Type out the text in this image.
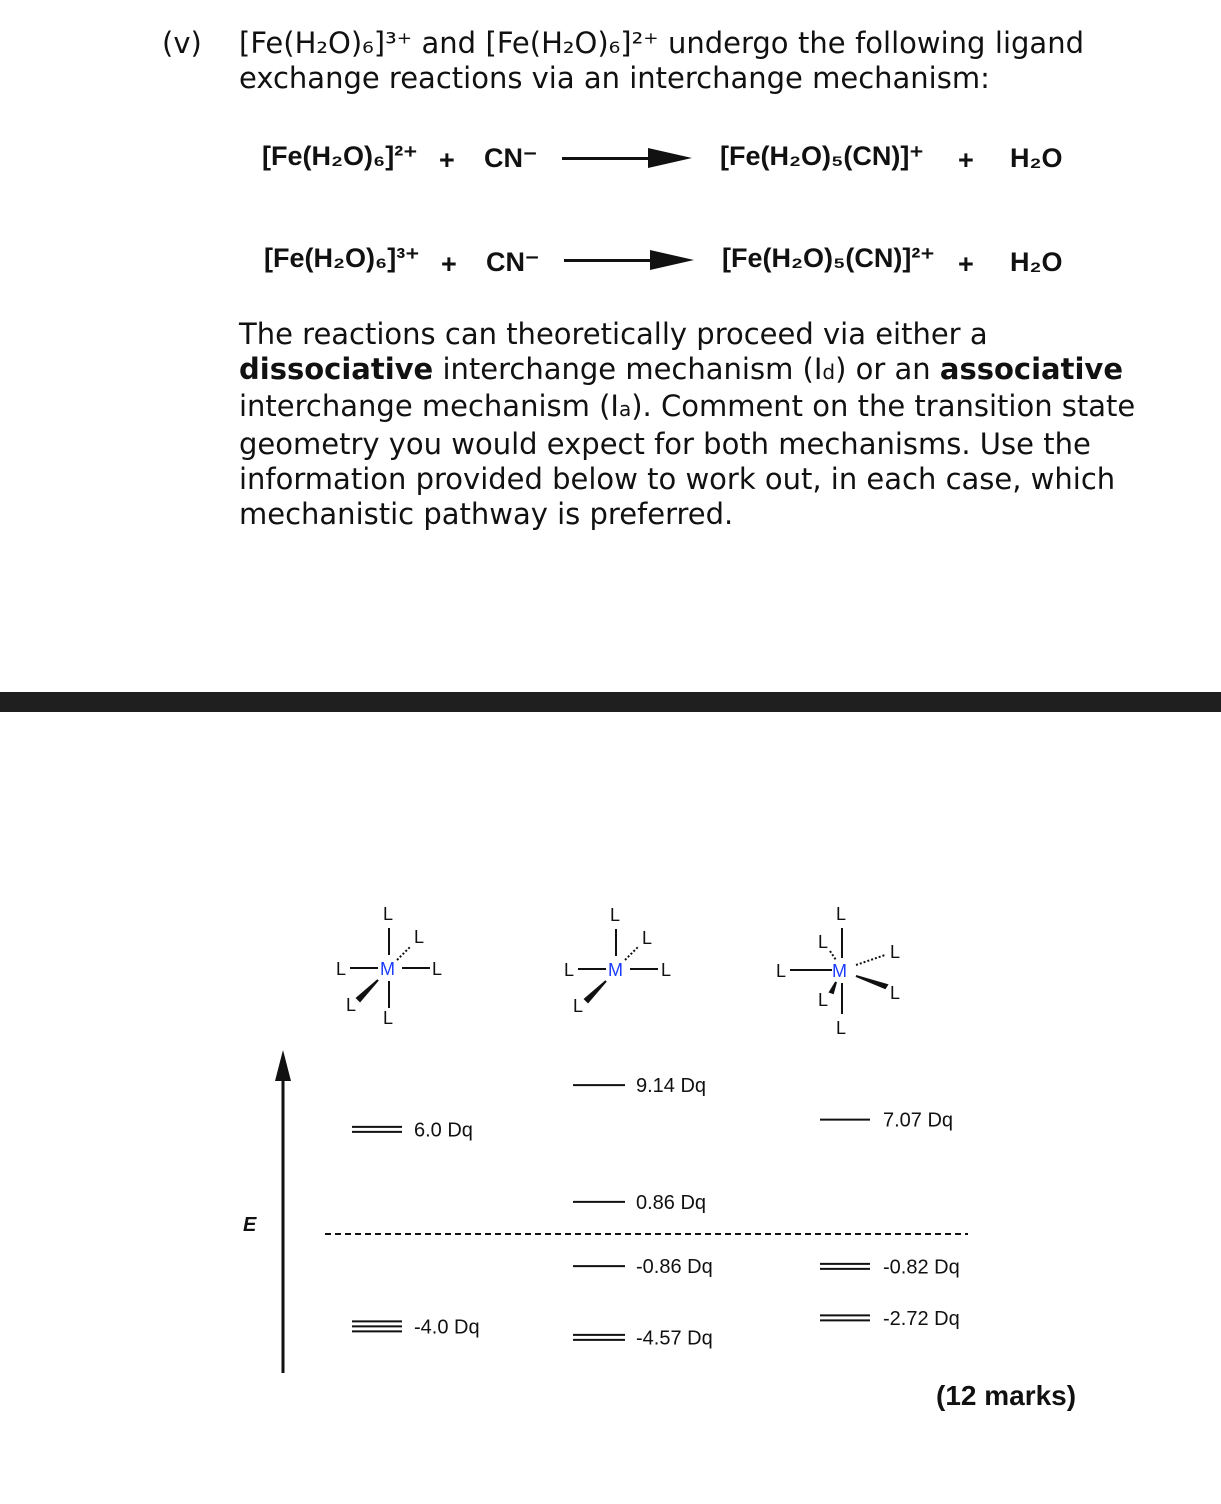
(v) [Fe(H₂O)₆]³⁺ and [Fe(H₂O)₆]²⁺ undergo the following ligand
exchange reactions via an interchange mechanism:
[Fe(H₂O)₆]²⁺ + CN⁻	[Fe(H₂O)₅(CN)]⁺ + H₂O
[Fe(H₂O)₆]³⁺ + CN⁻	[Fe(H₂O)₅(CN)]²⁺ + H₂O
The reactions can theoretically proceed via either a
dissociative interchange mechanism (Id) or an associative
interchange mechanism (Ia). Comment on the transition state
geometry you would expect for both mechanisms. Use the
information provided below to work out, in each case, which
mechanistic pathway is preferred.
E
L
L
L M L
L
L
L
L
L M L
L
L
L	L
L	M
L
L
L
6.0 Dq
-4.0 Dq
9.14 Dq
0.86 Dq
-0.86 Dq
-4.57 Dq
7.07 Dq
-0.82 Dq
-2.72 Dq
(12 marks)
